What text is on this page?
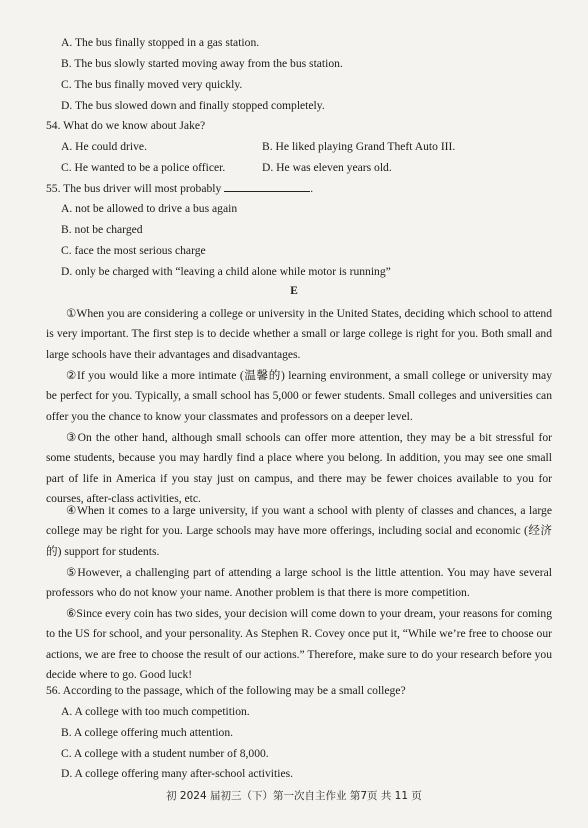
A. The bus finally stopped in a gas station.
B. The bus slowly started moving away from the bus station.
C. The bus finally moved very quickly.
D. The bus slowed down and finally stopped completely.
54. What do we know about Jake?
A. He could drive.	B. He liked playing Grand Theft Auto III.
C. He wanted to be a police officer.	D. He was eleven years old.
55. The bus driver will most probably	.
A. not be allowed to drive a bus again
B. not be charged
C. face the most serious charge
D. only be charged with “leaving a child alone while motor is running”
E
①When you are considering a college or university in the United States, deciding which school to attend is very important. The first step is to decide whether a small or large college is right for you. Both small and large schools have their advantages and disadvantages.
②If you would like a more intimate (温馨的) learning environment, a small college or university may be perfect for you. Typically, a small school has 5,000 or fewer students. Small colleges and universities can offer you the chance to know your classmates and professors on a deeper level.
③On the other hand, although small schools can offer more attention, they may be a bit stressful for some students, because you may hardly find a place where you belong. In addition, you may see one small part of life in America if you stay just on campus, and there may be fewer choices available to you for courses, after-class activities, etc.
④When it comes to a large university, if you want a school with plenty of classes and chances, a large college may be right for you. Large schools may have more offerings, including social and economic (经济的) support for students.
⑤However, a challenging part of attending a large school is the little attention. You may have several professors who do not know your name. Another problem is that there is more competition.
⑥Since every coin has two sides, your decision will come down to your dream, your reasons for coming to the US for school, and your personality. As Stephen R. Covey once put it, “While we’re free to choose our actions, we are free to choose the result of our actions.” Therefore, make sure to do your research before you decide where to go. Good luck!
56. According to the passage, which of the following may be a small college?
A. A college with too much competition.
B. A college offering much attention.
C. A college with a student number of 8,000.
D. A college offering many after-school activities.
初 2024 届初三（下）第一次自主作业 第7页 共 11 页
